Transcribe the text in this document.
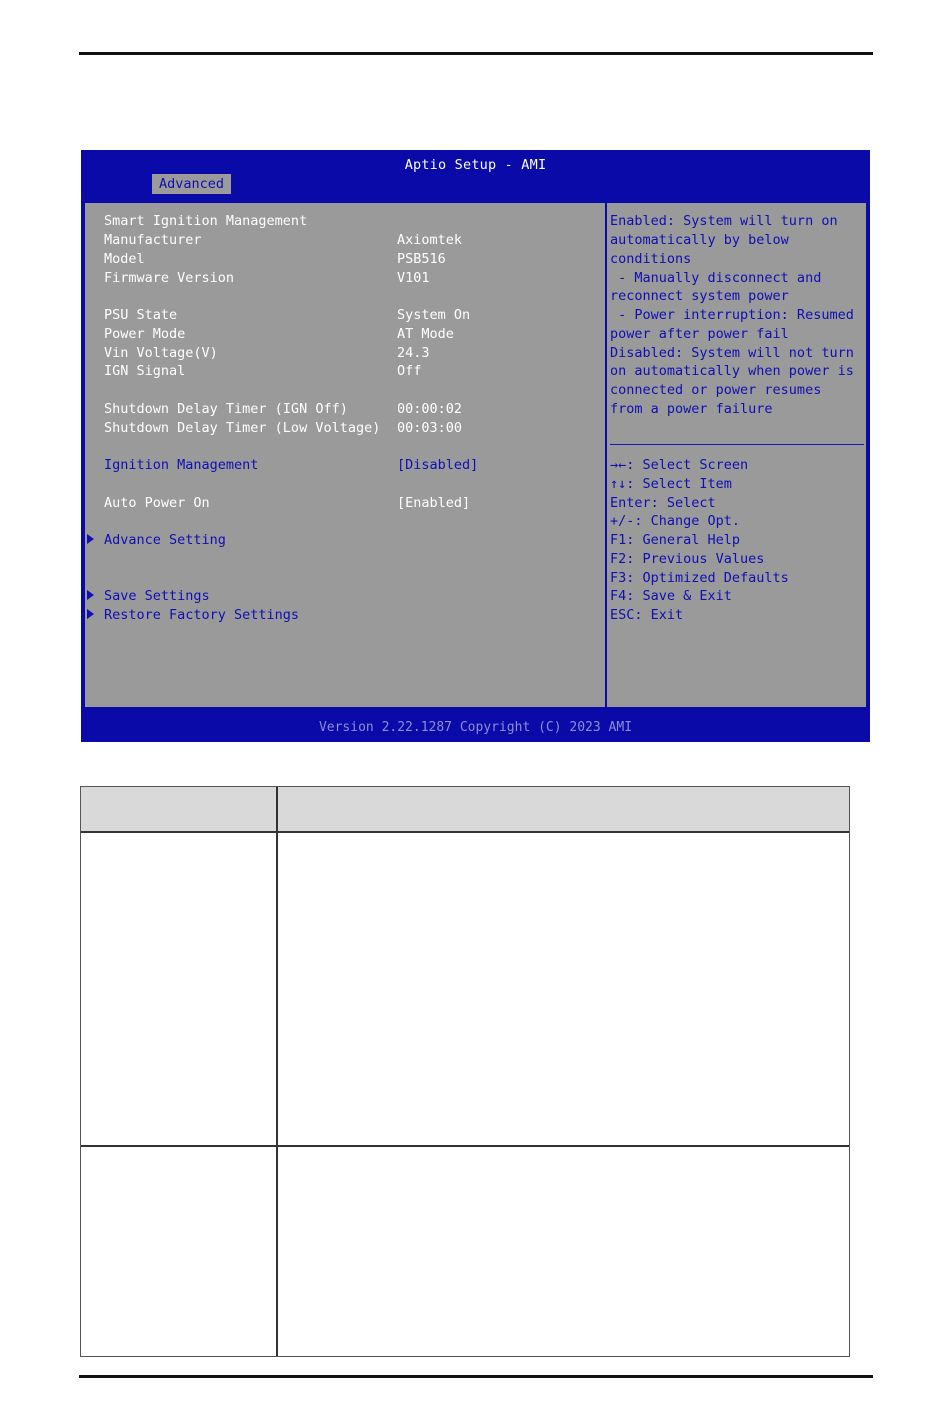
Aptio Setup - AMI
Advanced
Smart Ignition Management
Manufacturer	Axiomtek
Model	PSB516
Firmware Version	V101
PSU State	System On
Power Mode	AT Mode
Vin Voltage(V)	24.3
IGN Signal	Off
Shutdown Delay Timer (IGN Off)	00:00:02
Shutdown Delay Timer (Low Voltage) 00:03:00
Ignition Management	[Disabled]
Auto Power On	[Enabled]
Advance Setting
Save Settings
Restore Factory Settings
Enabled: System will turn on
automatically by below
conditions
- Manually disconnect and
reconnect system power
- Power interruption: Resumed
power after power fail
Disabled: System will not turn
on automatically when power is
connected or power resumes
from a power failure
→←: Select Screen
↑↓: Select Item
Enter: Select
+/-: Change Opt.
F1: General Help
F2: Previous Values
F3: Optimized Defaults
F4: Save & Exit
ESC: Exit
Version 2.22.1287 Copyright (C) 2023 AMI
